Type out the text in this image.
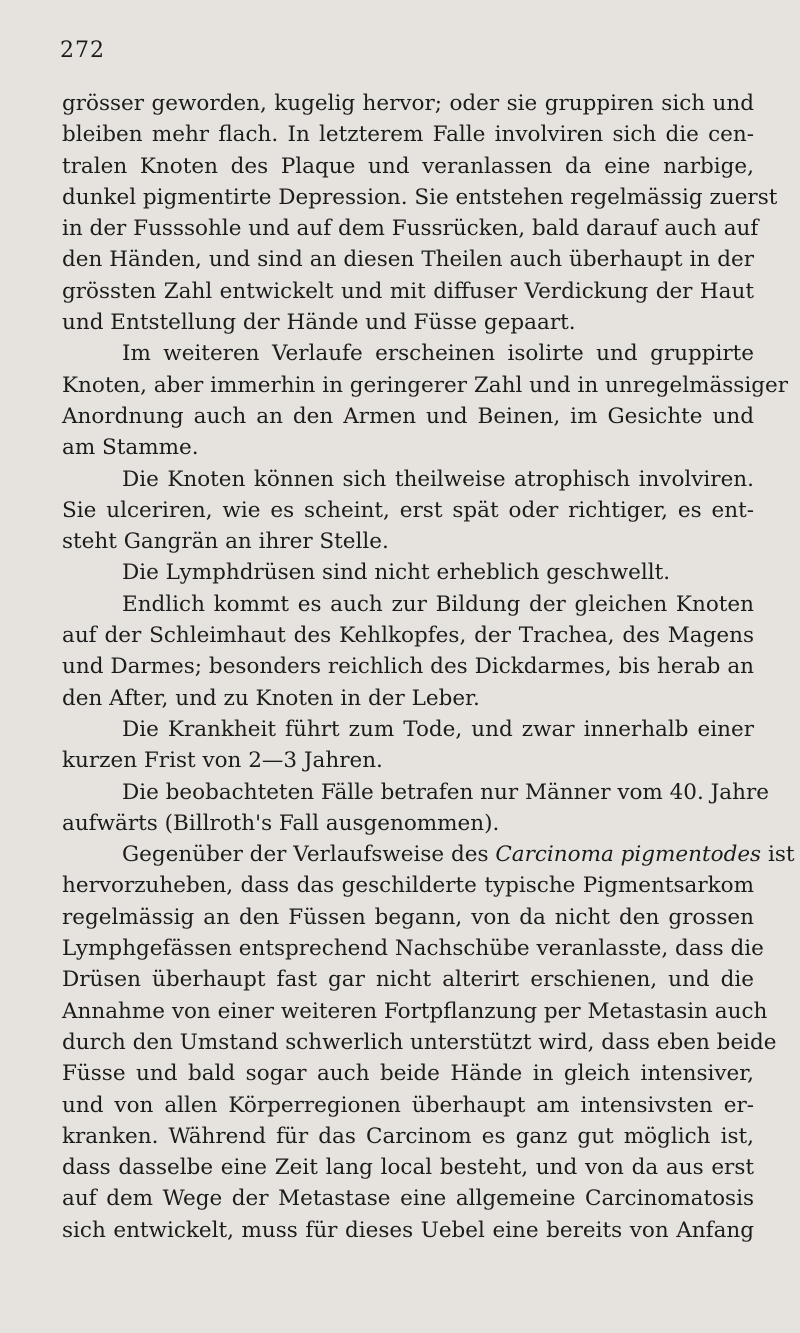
272
grösser geworden, kugelig hervor; oder sie gruppiren sich und
bleiben mehr flach. In letzterem Falle involviren sich die cen-
tralen Knoten des Plaque und veranlassen da eine narbige,
dunkel pigmentirte Depression. Sie entstehen regelmässig zuerst
in der Fusssohle und auf dem Fussrücken, bald darauf auch auf
den Händen, und sind an diesen Theilen auch überhaupt in der
grössten Zahl entwickelt und mit diffuser Verdickung der Haut
und Entstellung der Hände und Füsse gepaart.
Im weiteren Verlaufe erscheinen isolirte und gruppirte
Knoten, aber immerhin in geringerer Zahl und in unregelmässiger
Anordnung auch an den Armen und Beinen, im Gesichte und
am Stamme.
Die Knoten können sich theilweise atrophisch involviren.
Sie ulceriren, wie es scheint, erst spät oder richtiger, es ent-
steht Gangrän an ihrer Stelle.
Die Lymphdrüsen sind nicht erheblich geschwellt.
Endlich kommt es auch zur Bildung der gleichen Knoten
auf der Schleimhaut des Kehlkopfes, der Trachea, des Magens
und Darmes; besonders reichlich des Dickdarmes, bis herab an
den After, und zu Knoten in der Leber.
Die Krankheit führt zum Tode, und zwar innerhalb einer
kurzen Frist von 2—3 Jahren.
Die beobachteten Fälle betrafen nur Männer vom 40. Jahre
aufwärts (Billroth's Fall ausgenommen).
Gegenüber der Verlaufsweise des Carcinoma pigmentodes ist
hervorzuheben, dass das geschilderte typische Pigmentsarkom
regelmässig an den Füssen begann, von da nicht den grossen
Lymphgefässen entsprechend Nachschübe veranlasste, dass die
Drüsen überhaupt fast gar nicht alterirt erschienen, und die
Annahme von einer weiteren Fortpflanzung per Metastasin auch
durch den Umstand schwerlich unterstützt wird, dass eben beide
Füsse und bald sogar auch beide Hände in gleich intensiver,
und von allen Körperregionen überhaupt am intensivsten er-
kranken. Während für das Carcinom es ganz gut möglich ist,
dass dasselbe eine Zeit lang local besteht, und von da aus erst
auf dem Wege der Metastase eine allgemeine Carcinomatosis
sich entwickelt, muss für dieses Uebel eine bereits von Anfang
